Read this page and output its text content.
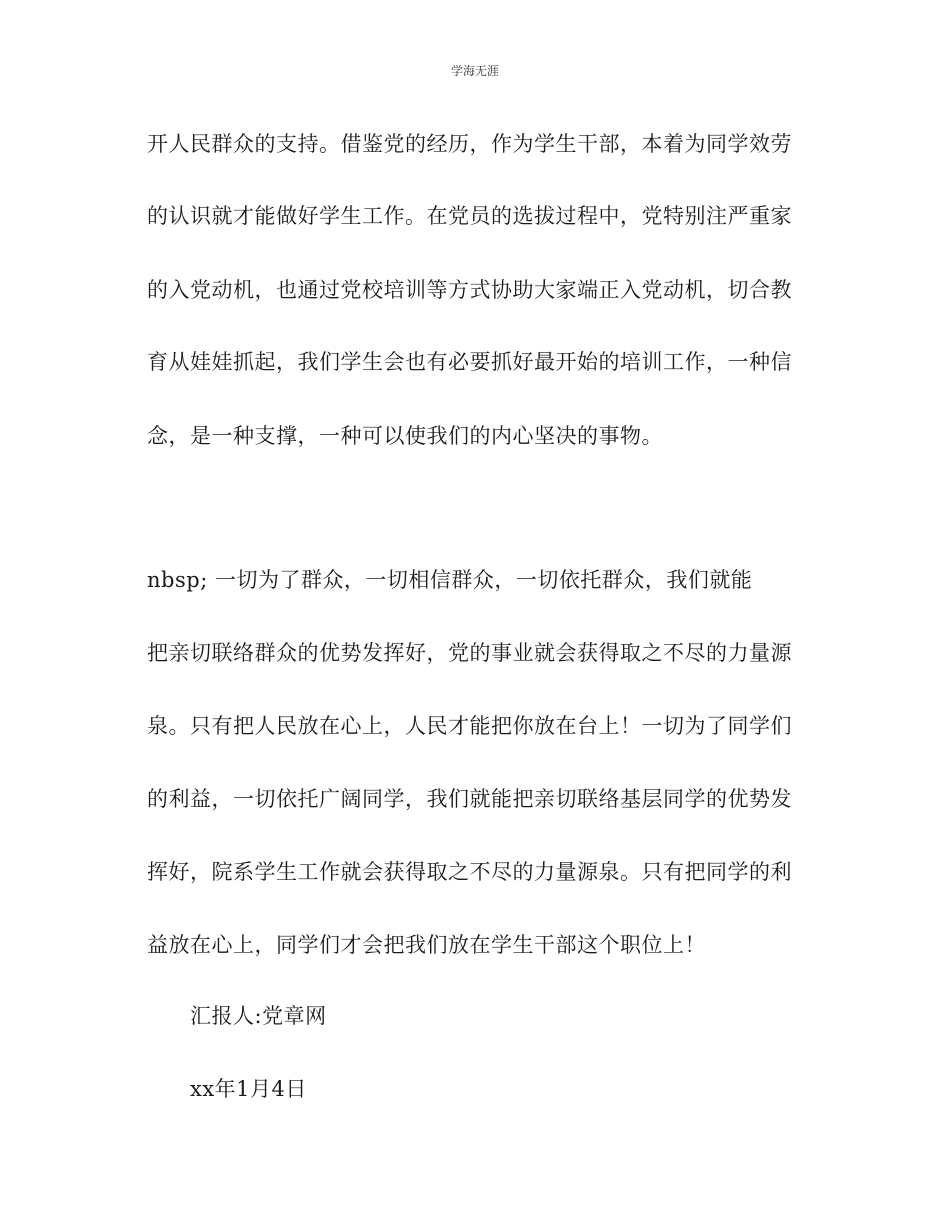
学海无涯
开人民群众的支持。借鉴党的经历，作为学生干部，本着为同学效劳
的认识就才能做好学生工作。在党员的选拔过程中，党特别注严重家
的入党动机，也通过党校培训等方式协助大家端正入党动机，切合教
育从娃娃抓起，我们学生会也有必要抓好最开始的培训工作，一种信
念，是一种支撑，一种可以使我们的内心坚决的事物。
nbsp; 一切为了群众，一切相信群众，一切依托群众，我们就能
把亲切联络群众的优势发挥好，党的事业就会获得取之不尽的力量源
泉。只有把人民放在心上，人民才能把你放在台上！一切为了同学们
的利益，一切依托广阔同学，我们就能把亲切联络基层同学的优势发
挥好，院系学生工作就会获得取之不尽的力量源泉。只有把同学的利
益放在心上，同学们才会把我们放在学生干部这个职位上！
汇报人:党章网
xx年1月4日
